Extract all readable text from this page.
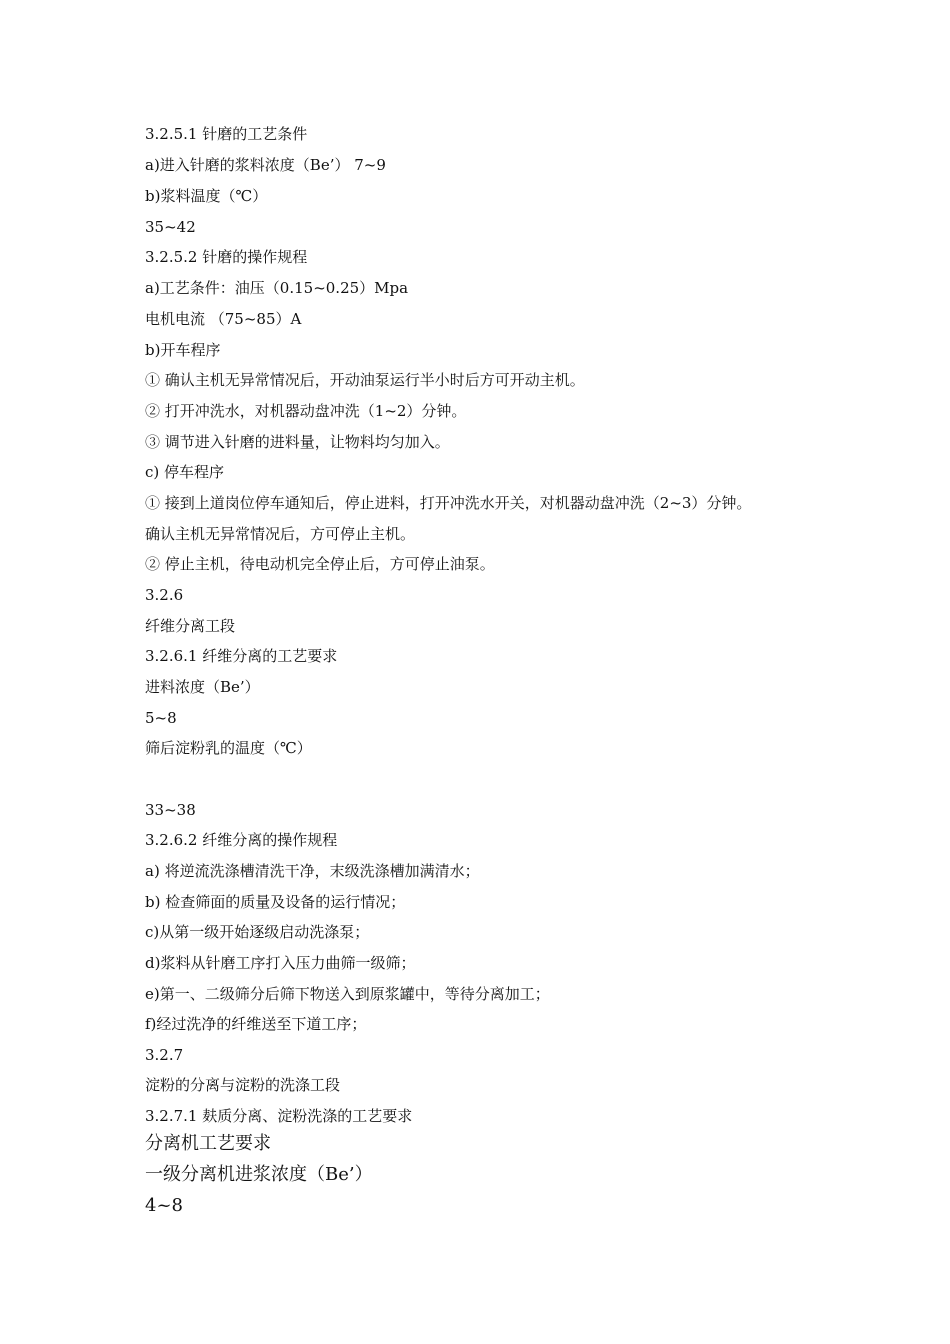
3.2.5.1 针磨的工艺条件
a)进入针磨的浆料浓度（Be’） 7~9
b)浆料温度（℃）
35~42
3.2.5.2 针磨的操作规程
a)工艺条件：油压（0.15~0.25）Mpa
电机电流 （75~85）A
b)开车程序
① 确认主机无异常情况后，开动油泵运行半小时后方可开动主机。
② 打开冲洗水，对机器动盘冲洗（1~2）分钟。
③ 调节进入针磨的进料量，让物料均匀加入。
c) 停车程序
① 接到上道岗位停车通知后，停止进料，打开冲洗水开关，对机器动盘冲洗（2~3）分钟。
确认主机无异常情况后，方可停止主机。
② 停止主机，待电动机完全停止后，方可停止油泵。
3.2.6
纤维分离工段
3.2.6.1 纤维分离的工艺要求
进料浓度（Be’）
5~8
筛后淀粉乳的温度（℃）
33~38
3.2.6.2 纤维分离的操作规程
a) 将逆流洗涤槽清洗干净，末级洗涤槽加满清水；
b) 检查筛面的质量及设备的运行情况；
c)从第一级开始逐级启动洗涤泵；
d)浆料从针磨工序打入压力曲筛一级筛；
e)第一、二级筛分后筛下物送入到原浆罐中，等待分离加工；
f)经过洗净的纤维送至下道工序；
3.2.7
淀粉的分离与淀粉的洗涤工段
3.2.7.1 麸质分离、淀粉洗涤的工艺要求
分离机工艺要求
一级分离机进浆浓度（Be’）
4~8
